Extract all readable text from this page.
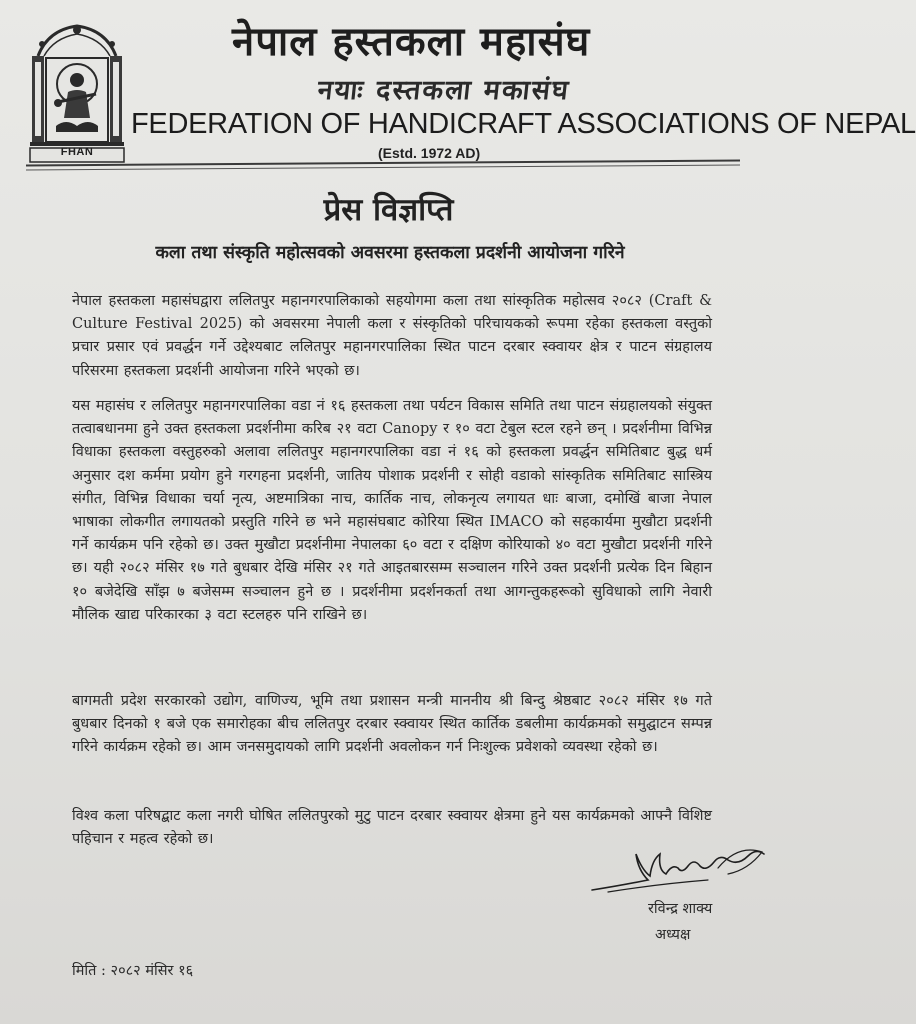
FHAN
नेपाल हस्तकला महासंघ
नयाः दस्तकला मकासंघ
FEDERATION OF HANDICRAFT ASSOCIATIONS OF NEPAL
(Estd. 1972 AD)
प्रेस विज्ञप्ति
कला तथा संस्कृति महोत्सवको अवसरमा हस्तकला प्रदर्शनी आयोजना गरिने
नेपाल हस्तकला महासंघद्वारा ललितपुर महानगरपालिकाको सहयोगमा कला तथा सांस्कृतिक महोत्सव २०८२ (Craft & Culture Festival 2025) को अवसरमा नेपाली कला र संस्कृतिको परिचायकको रूपमा रहेका हस्तकला वस्तुको प्रचार प्रसार एवं प्रवर्द्धन गर्ने उद्देश्यबाट ललितपुर महानगरपालिका स्थित पाटन दरबार स्क्वायर क्षेत्र र पाटन संग्रहालय परिसरमा हस्तकला प्रदर्शनी आयोजना गरिने भएको छ।
यस महासंघ र ललितपुर महानगरपालिका वडा नं १६ हस्तकला तथा पर्यटन विकास समिति तथा पाटन संग्रहालयको संयुक्त तत्वाबधानमा हुने उक्त हस्तकला प्रदर्शनीमा करिब २१ वटा Canopy र १० वटा टेबुल स्टल रहने छन् । प्रदर्शनीमा विभिन्न विधाका हस्तकला वस्तुहरुको अलावा ललितपुर महानगरपालिका वडा नं १६ को हस्तकला प्रवर्द्धन समितिबाट बुद्ध धर्म अनुसार दश कर्ममा प्रयोग हुने गरगहना प्रदर्शनी, जातिय पोशाक प्रदर्शनी र सोही वडाको सांस्कृतिक समितिबाट सास्त्रिय संगीत, विभिन्न विधाका चर्या नृत्य, अष्टमात्रिका नाच, कार्तिक नाच, लोकनृत्य लगायत धाः बाजा, दमोखिं बाजा नेपाल भाषाका लोकगीत लगायतको प्रस्तुति गरिने छ भने महासंघबाट कोरिया स्थित IMACO को सहकार्यमा मुखौटा प्रदर्शनी गर्ने कार्यक्रम पनि रहेको छ। उक्त मुखौटा प्रदर्शनीमा नेपालका ६० वटा र दक्षिण कोरियाको ४० वटा मुखौटा प्रदर्शनी गरिने छ। यही २०८२ मंसिर १७ गते बुधबार देखि मंसिर २१ गते आइतबारसम्म सञ्चालन गरिने उक्त प्रदर्शनी प्रत्येक दिन बिहान १० बजेदेखि साँझ ७ बजेसम्म सञ्चालन हुने छ । प्रदर्शनीमा प्रदर्शनकर्ता तथा आगन्तुकहरूको सुविधाको लागि नेवारी मौलिक खाद्य परिकारका ३ वटा स्टलहरु पनि राखिने छ।
बागमती प्रदेश सरकारको उद्योग, वाणिज्य, भूमि तथा प्रशासन मन्त्री माननीय श्री बिन्दु श्रेष्ठबाट २०८२ मंसिर १७ गते बुधबार दिनको १ बजे एक समारोहका बीच ललितपुर दरबार स्क्वायर स्थित कार्तिक डबलीमा कार्यक्रमको समुद्घाटन सम्पन्न गरिने कार्यक्रम रहेको छ। आम जनसमुदायको लागि प्रदर्शनी अवलोकन गर्न निःशुल्क प्रवेशको व्यवस्था रहेको छ।
विश्व कला परिषद्बाट कला नगरी घोषित ललितपुरको मुटु पाटन दरबार स्क्वायर क्षेत्रमा हुने यस कार्यक्रमको आफ्नै विशिष्ट पहिचान र महत्व रहेको छ।
रविन्द्र शाक्य
अध्यक्ष
मिति : २०८२ मंसिर १६
